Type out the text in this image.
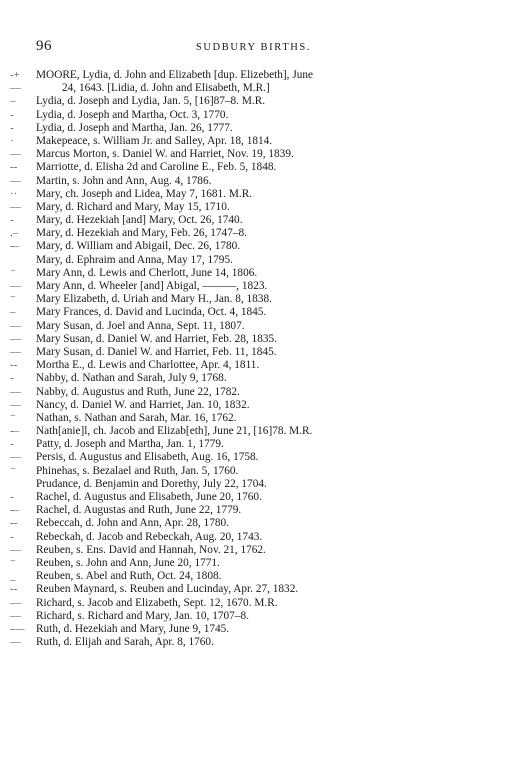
96	SUDBURY BIRTHS.
-+	MOORE, Lydia, d. John and Elizabeth [dup. Elizebeth], June
—	24, 1643. [Lidia, d. John and Elisabeth, M.R.]
–	Lydia, d. Joseph and Lydia, Jan. 5, [16]87–8. M.R.
-	Lydia, d. Joseph and Martha, Oct. 3, 1770.
-	Lydia, d. Joseph and Martha, Jan. 26, 1777.
·	Makepeace, s. William Jr. and Salley, Apr. 18, 1814.
—	Marcus Morton, s. Daniel W. and Harriet, Nov. 19, 1839.
--	Marriotte, d. Elisha 2d and Caroline E., Feb. 5, 1848.
—	Martin, s. John and Ann, Aug. 4, 1786.
··	Mary, ch. Joseph and Lidea, May 7, 1681. M.R.
—	Mary, d. Richard and Mary, May 15, 1710.
-	Mary, d. Hezekiah [and] Mary, Oct. 26, 1740.
.–	Mary, d. Hezekiah and Mary, Feb. 26, 1747–8.
-–	Mary, d. William and Abigail, Dec. 26, 1780.
Mary, d. Ephraim and Anna, May 17, 1795.
⁻	Mary Ann, d. Lewis and Cherlott, June 14, 1806.
—	Mary Ann, d. Wheeler [and] Abigal, ———, 1823.
⁻	Mary Elizabeth, d. Uriah and Mary H., Jan. 8, 1838.
–	Mary Frances, d. David and Lucinda, Oct. 4, 1845.
—	Mary Susan, d. Joel and Anna, Sept. 11, 1807.
—	Mary Susan, d. Daniel W. and Harriet, Feb. 28, 1835.
—	Mary Susan, d. Daniel W. and Harriet, Feb. 11, 1845.
--	Mortha E., d. Lewis and Charlottee, Apr. 4, 1811.
-	Nabby, d. Nathan and Sarah, July 9, 1768.
—	Nabby, d. Augustus and Ruth, June 22, 1782.
—	Nancy, d. Daniel W. and Harriet, Jan. 10, 1832.
⁻	Nathan, s. Nathan and Sarah, Mar. 16, 1762.
-–	Nath[anie]l, ch. Jacob and Elizab[eth], June 21, [16]78. M.R.
-	Patty, d. Joseph and Martha, Jan. 1, 1779.
—	Persis, d. Augustus and Elisabeth, Aug. 16, 1758.
⁻	Phinehas, s. Bezalael and Ruth, Jan. 5, 1760.
Prudance, d. Benjamin and Dorethy, July 22, 1704.
-	Rachel, d. Augustus and Elisabeth, June 20, 1760.
-–	Rachel, d. Augustas and Ruth, June 22, 1779.
--	Rebeccah, d. John and Ann, Apr. 28, 1780.
-	Rebeckah, d. Jacob and Rebeckah, Aug. 20, 1743.
—	Reuben, s. Ens. David and Hannah, Nov. 21, 1762.
⁻	Reuben, s. John and Ann, June 20, 1771.
_	Reuben, s. Abel and Ruth, Oct. 24, 1808.
--	Reuben Maynard, s. Reuben and Lucinday, Apr. 27, 1832.
—	Richard, s. Jacob and Elizabeth, Sept. 12, 1670. M.R.
—	Richard, s. Richard and Mary, Jan. 10, 1707–8.
-—	Ruth, d. Hezekiah and Mary, June 9, 1745.
—	Ruth, d. Elijah and Sarah, Apr. 8, 1760.
